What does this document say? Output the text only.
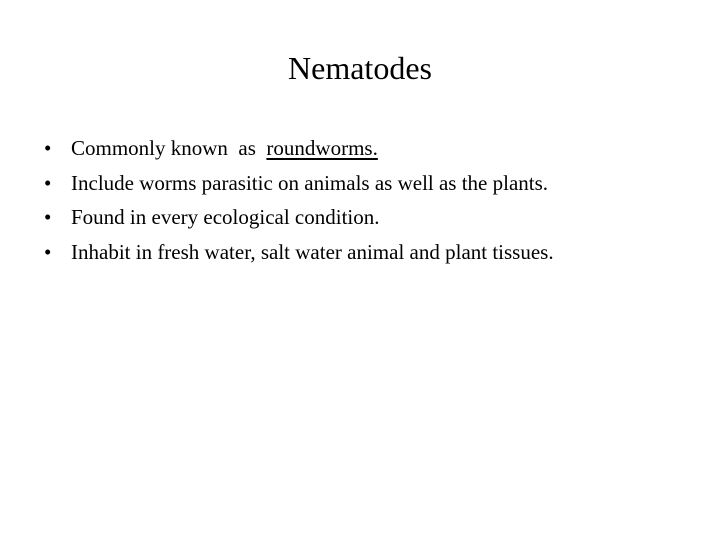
Nematodes
• Commonly known  as  roundworms.
• Include worms parasitic on animals as well as the plants.
• Found in every ecological condition.
• Inhabit in fresh water, salt water animal and plant tissues.
